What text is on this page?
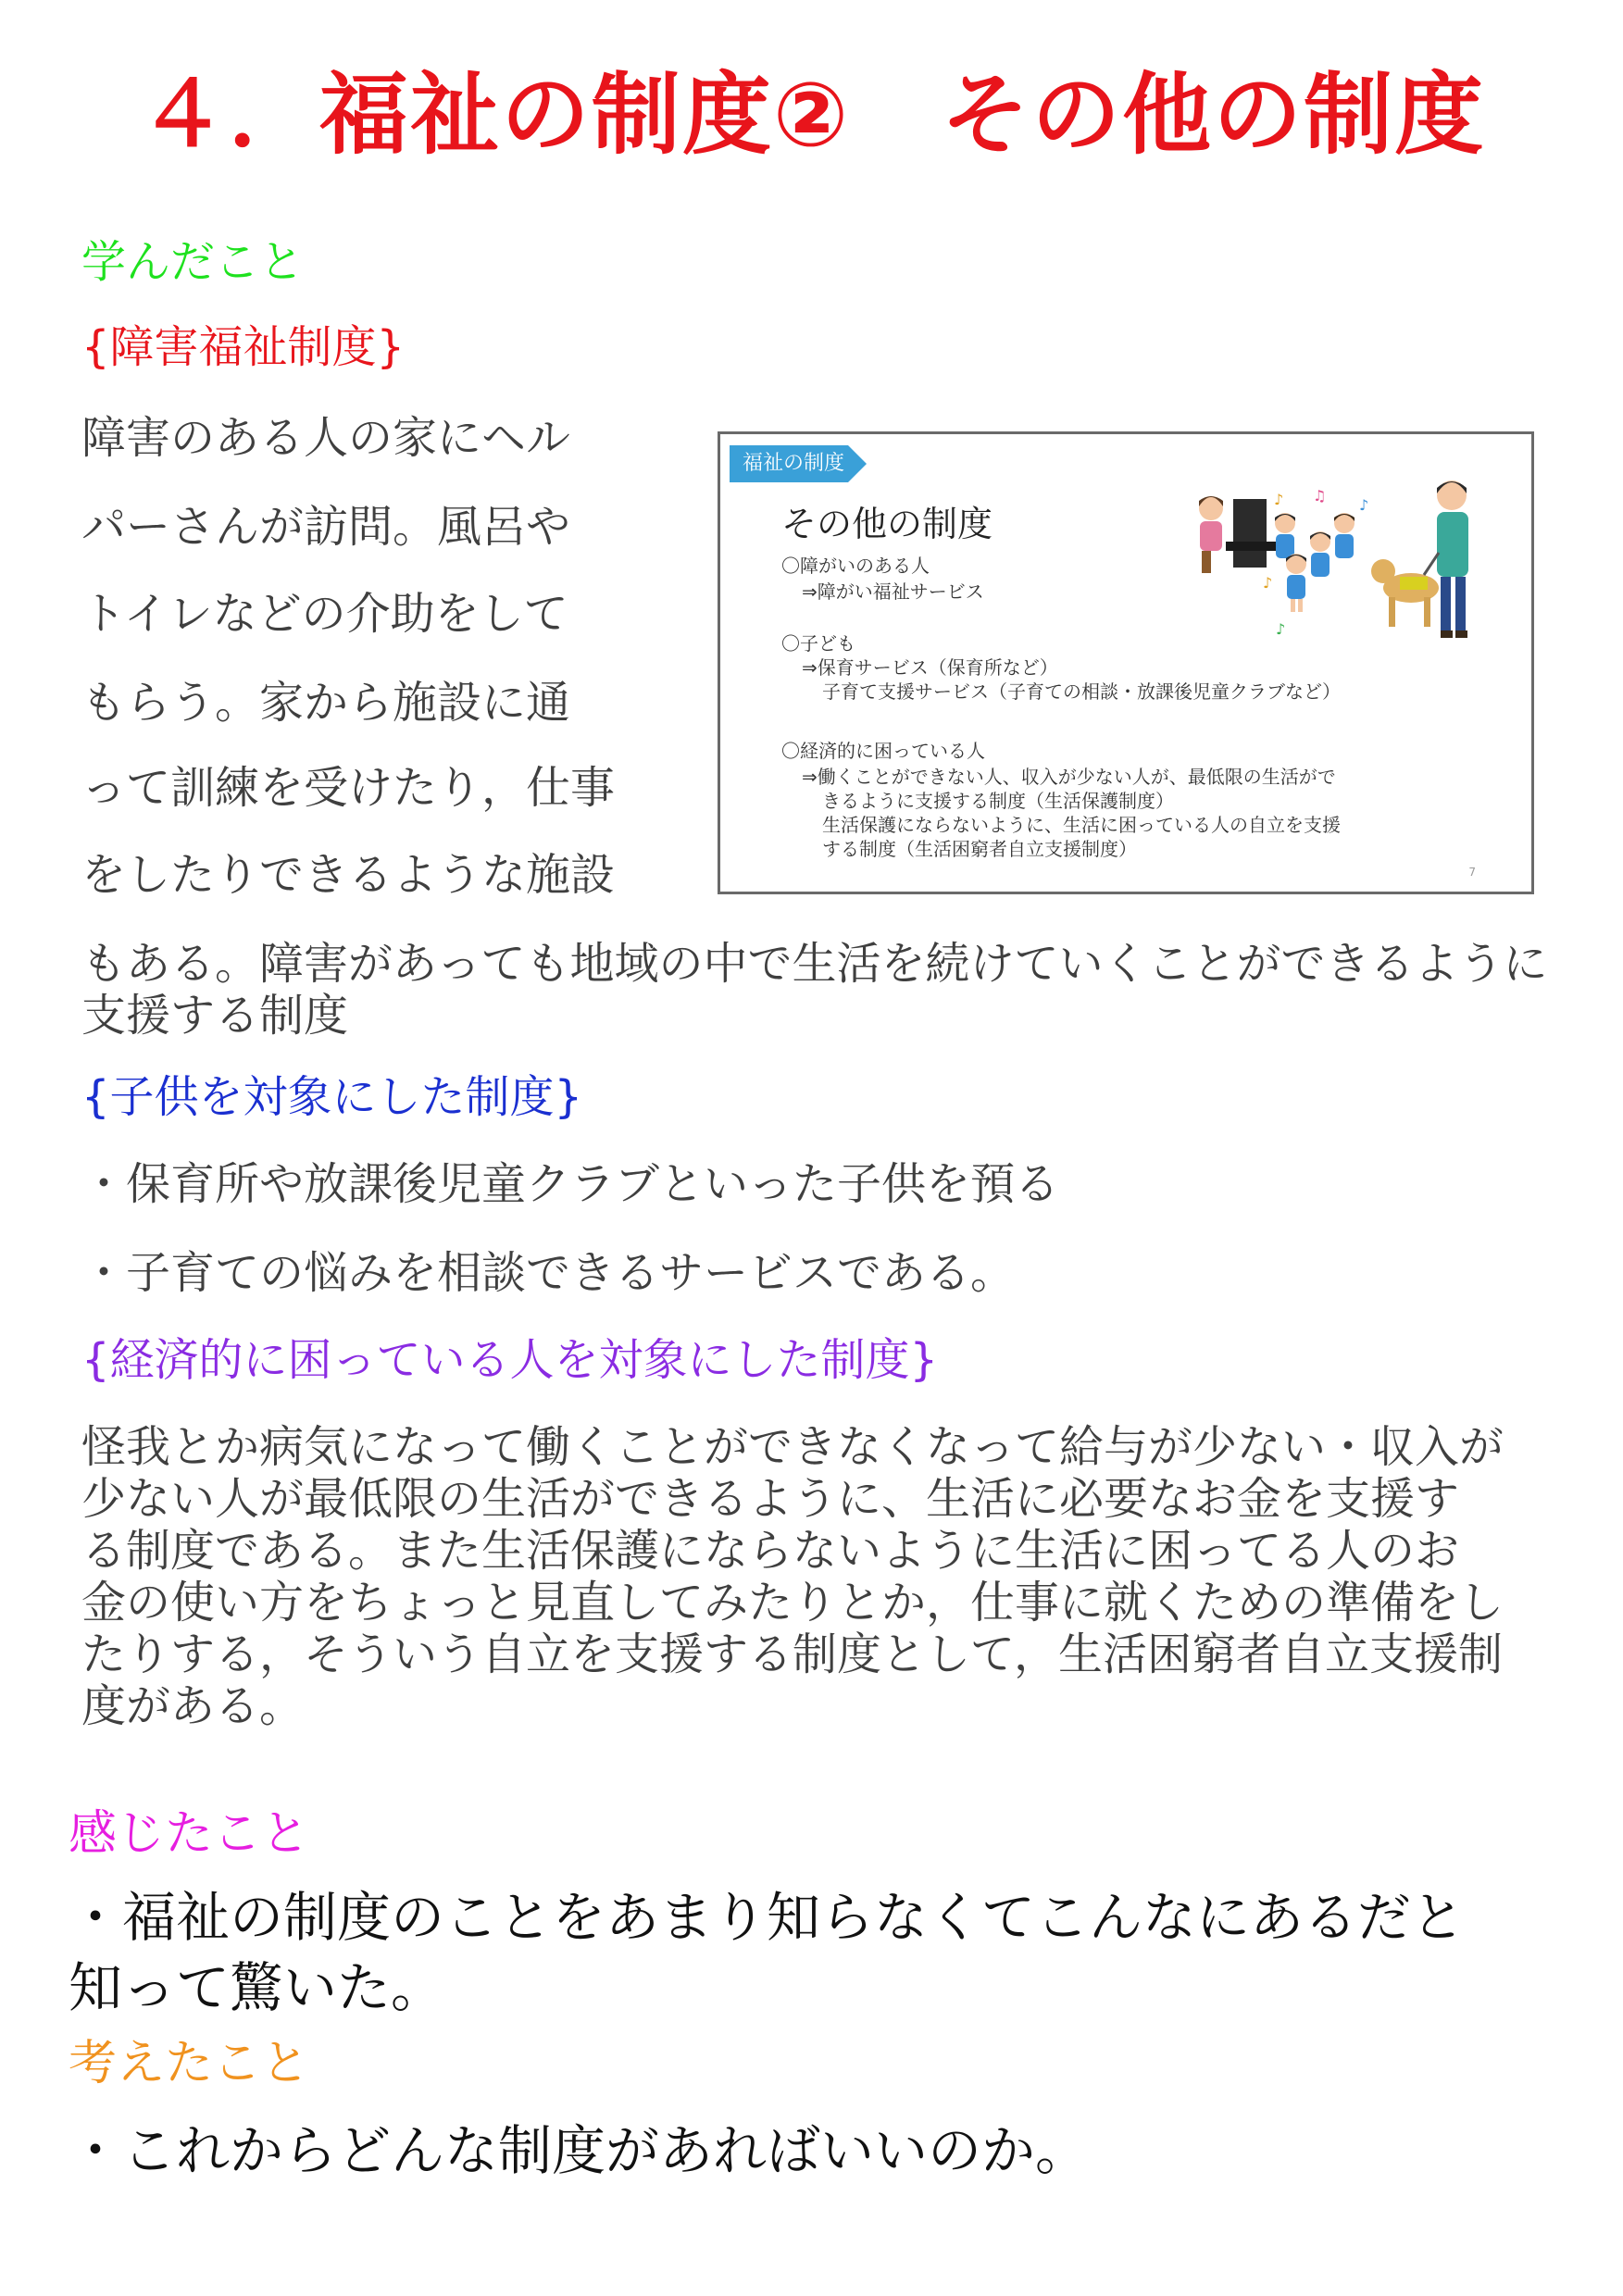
４．福祉の制度②　その他の制度
学んだこと
{障害福祉制度}
障害のある人の家にヘル
パーさんが訪問。風呂や
トイレなどの介助をして
もらう。家から施設に通
って訓練を受けたり，仕事
をしたりできるような施設
もある。障害があっても地域の中で生活を続けていくことができるように
支援する制度
福祉の制度
その他の制度
〇障がいのある人
⇒障がい福祉サービス
〇子ども
⇒保育サービス（保育所など）
子育て支援サービス（子育ての相談・放課後児童クラブなど）
〇経済的に困っている人
⇒働くことができない人、収入が少ない人が、最低限の生活がで
きるように支援する制度（生活保護制度）
生活保護にならないように、生活に困っている人の自立を支援
する制度（生活困窮者自立支援制度）
7
♪ ♫
♪
♪
♪
{子供を対象にした制度}
・保育所や放課後児童クラブといった子供を預る
・子育ての悩みを相談できるサービスである。
{経済的に困っている人を対象にした制度}
怪我とか病気になって働くことができなくなって給与が少ない・収入が
少ない人が最低限の生活ができるように、生活に必要なお金を支援す
る制度である。また生活保護にならないように生活に困ってる人のお
金の使い方をちょっと見直してみたりとか，仕事に就くための準備をし
たりする，そういう自立を支援する制度として，生活困窮者自立支援制
度がある。
感じたこと
・福祉の制度のことをあまり知らなくてこんなにあるだと
知って驚いた。
考えたこと
・これからどんな制度があればいいのか。
